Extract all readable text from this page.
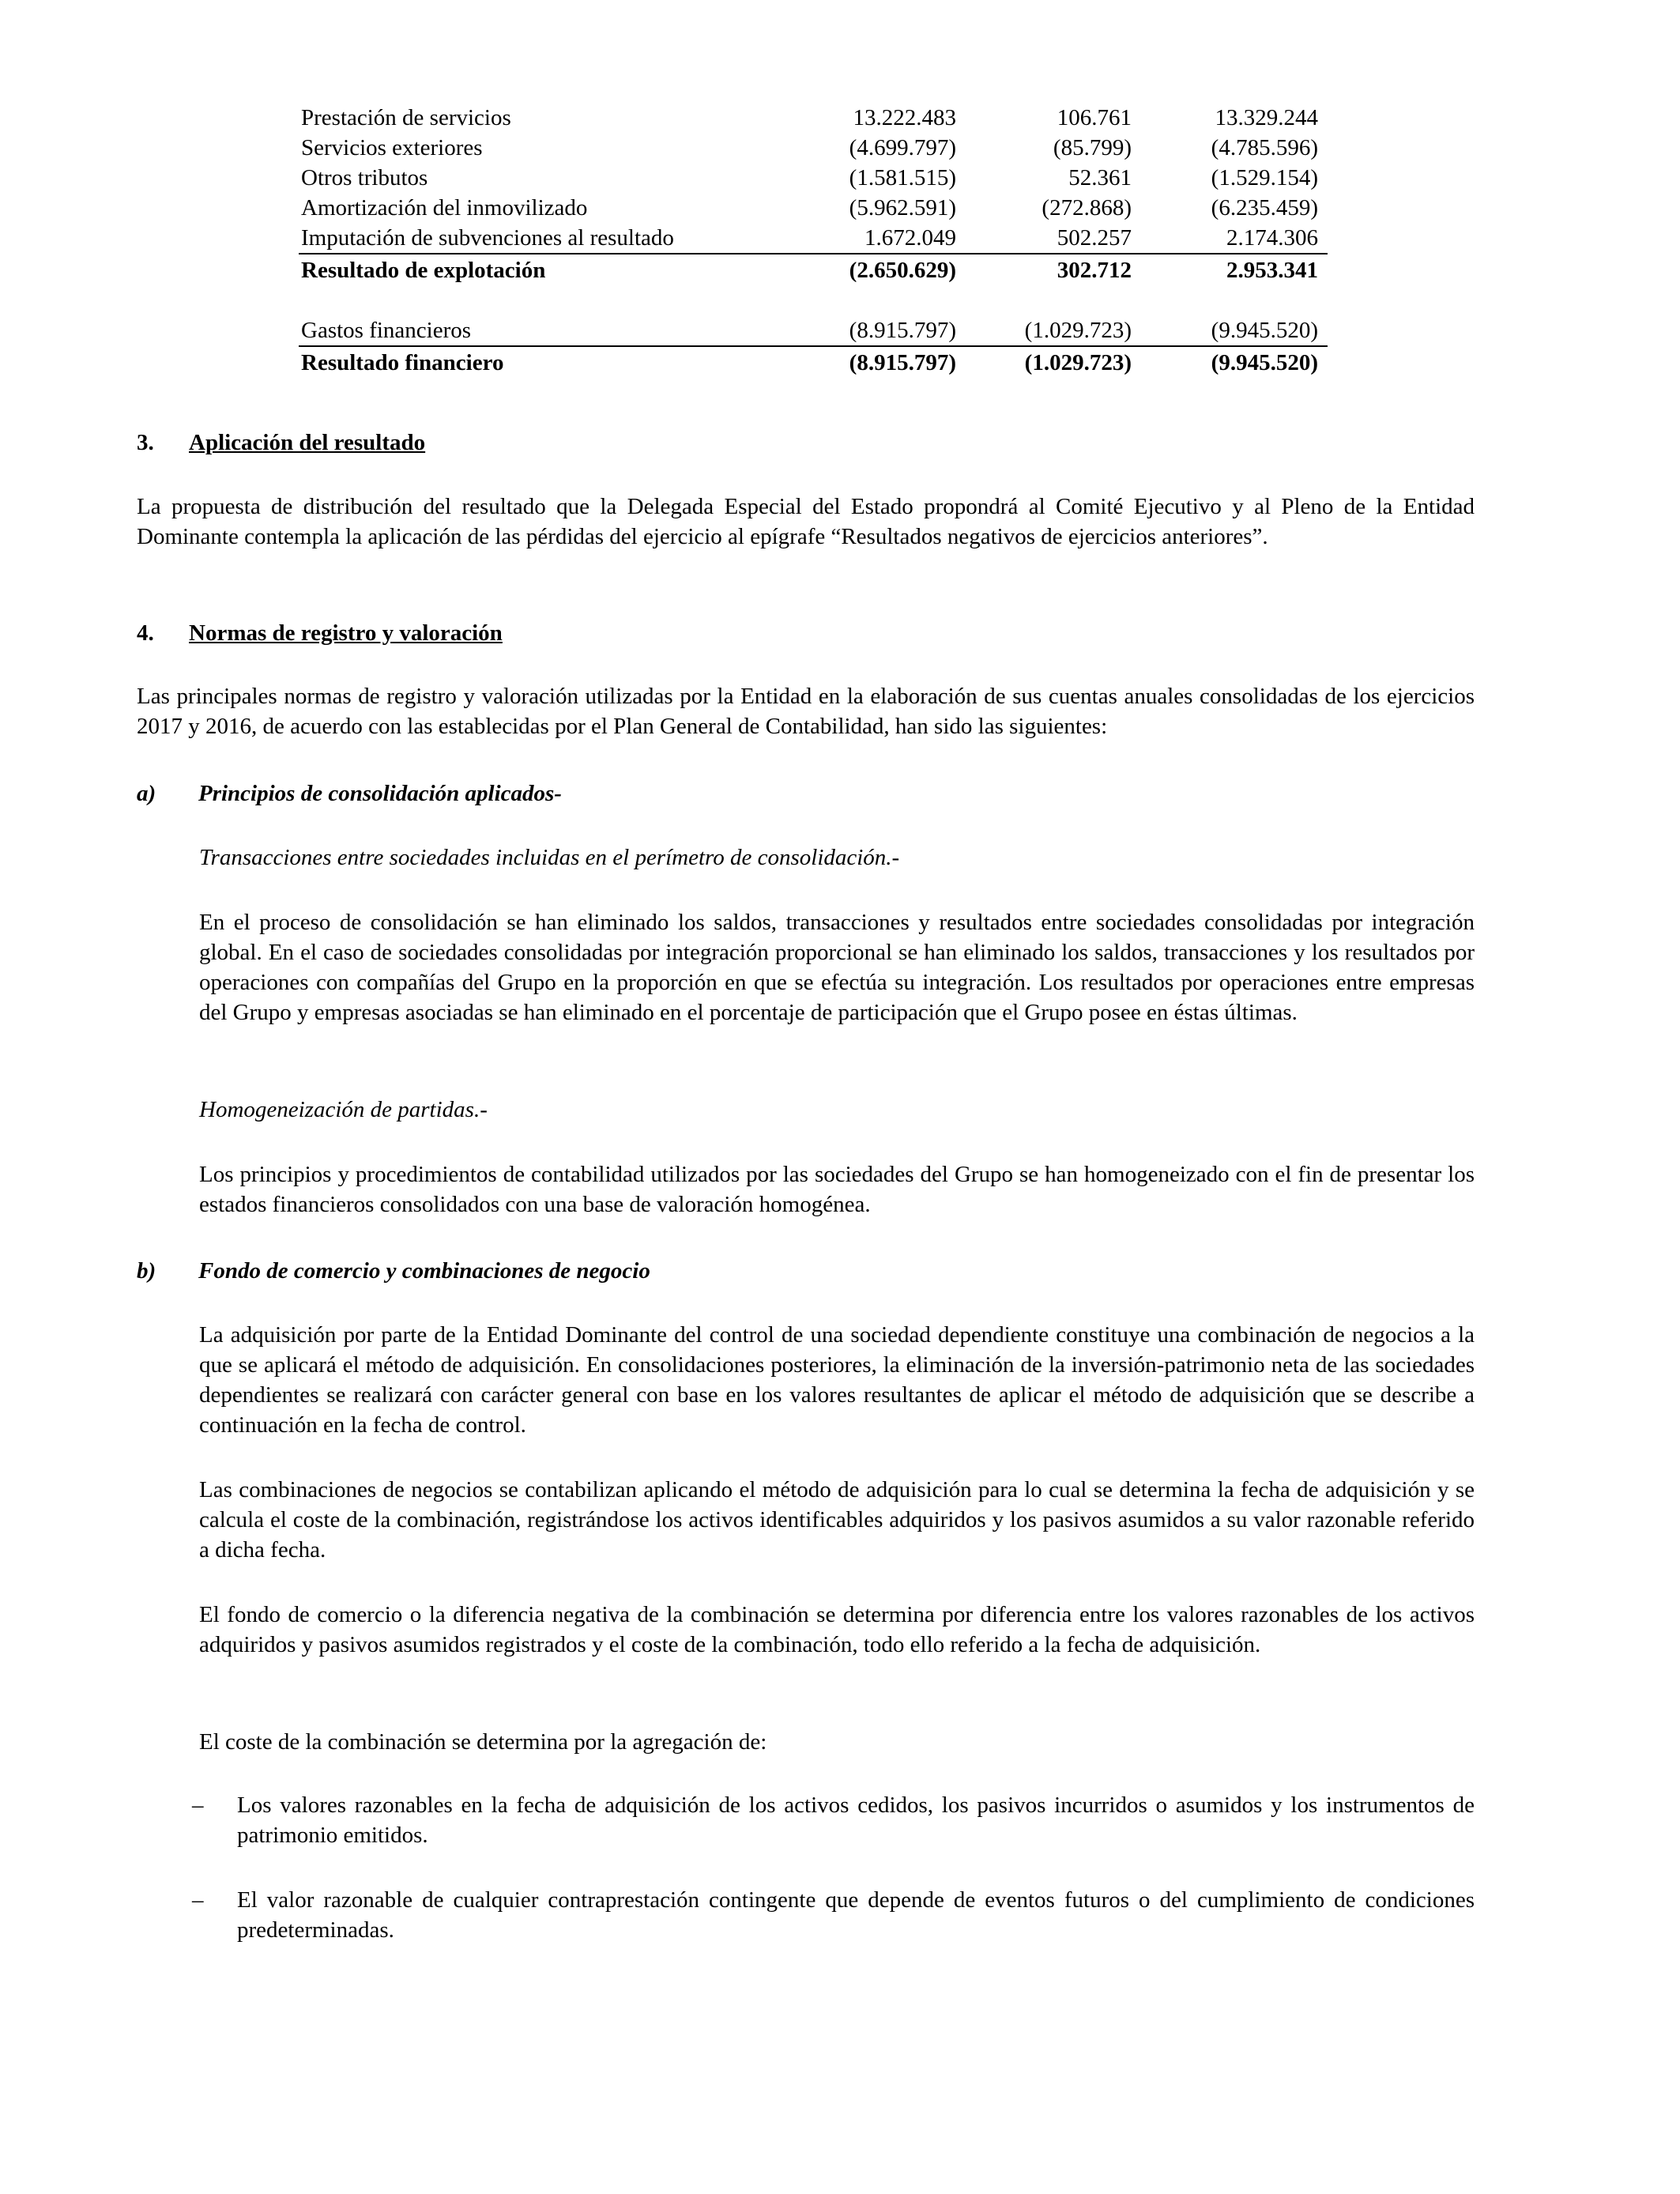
Prestación de servicios	13.222.483	106.761	13.329.244
Servicios exteriores	(4.699.797)	(85.799)	(4.785.596)
Otros tributos	(1.581.515)	52.361	(1.529.154)
Amortización del inmovilizado	(5.962.591)	(272.868)	(6.235.459)
Imputación de subvenciones al resultado	1.672.049	502.257	2.174.306
Resultado de explotación	(2.650.629)	302.712	2.953.341
Gastos financieros	(8.915.797)	(1.029.723)	(9.945.520)
Resultado financiero	(8.915.797)	(1.029.723)	(9.945.520)
3. Aplicación del resultado

La propuesta de distribución del resultado que la Delegada Especial del Estado propondrá al Comité Ejecutivo y al Pleno de la Entidad Dominante contempla la aplicación de las pérdidas del ejercicio al epígrafe “Resultados negativos de ejercicios anteriores”.

4. Normas de registro y valoración

Las principales normas de registro y valoración utilizadas por la Entidad en la elaboración de sus cuentas anuales consolidadas de los ejercicios 2017 y 2016, de acuerdo con las establecidas por el Plan General de Contabilidad, han sido las siguientes:

a) Principios de consolidación aplicados-

Transacciones entre sociedades incluidas en el perímetro de consolidación.-

En el proceso de consolidación se han eliminado los saldos, transacciones y resultados entre sociedades consolidadas por integración global. En el caso de sociedades consolidadas por integración proporcional se han eliminado los saldos, transacciones y los resultados por operaciones con compañías del Grupo en la proporción en que se efectúa su integración. Los resultados por operaciones entre empresas del Grupo y empresas asociadas se han eliminado en el porcentaje de participación que el Grupo posee en éstas últimas.

Homogeneización de partidas.-

Los principios y procedimientos de contabilidad utilizados por las sociedades del Grupo se han homogeneizado con el fin de presentar los estados financieros consolidados con una base de valoración homogénea.

b) Fondo de comercio y combinaciones de negocio

La adquisición por parte de la Entidad Dominante del control de una sociedad dependiente constituye una combinación de negocios a la que se aplicará el método de adquisición. En consolidaciones posteriores, la eliminación de la inversión-patrimonio neta de las sociedades dependientes se realizará con carácter general con base en los valores resultantes de aplicar el método de adquisición que se describe a continuación en la fecha de control.

Las combinaciones de negocios se contabilizan aplicando el método de adquisición para lo cual se determina la fecha de adquisición y se calcula el coste de la combinación, registrándose los activos identificables adquiridos y los pasivos asumidos a su valor razonable referido a dicha fecha.

El fondo de comercio o la diferencia negativa de la combinación se determina por diferencia entre los valores razonables de los activos adquiridos y pasivos asumidos registrados y el coste de la combinación, todo ello referido a la fecha de adquisición.

El coste de la combinación se determina por la agregación de:

– Los valores razonables en la fecha de adquisición de los activos cedidos, los pasivos incurridos o asumidos y los instrumentos de patrimonio emitidos.

– El valor razonable de cualquier contraprestación contingente que depende de eventos futuros o del cumplimiento de condiciones predeterminadas.
